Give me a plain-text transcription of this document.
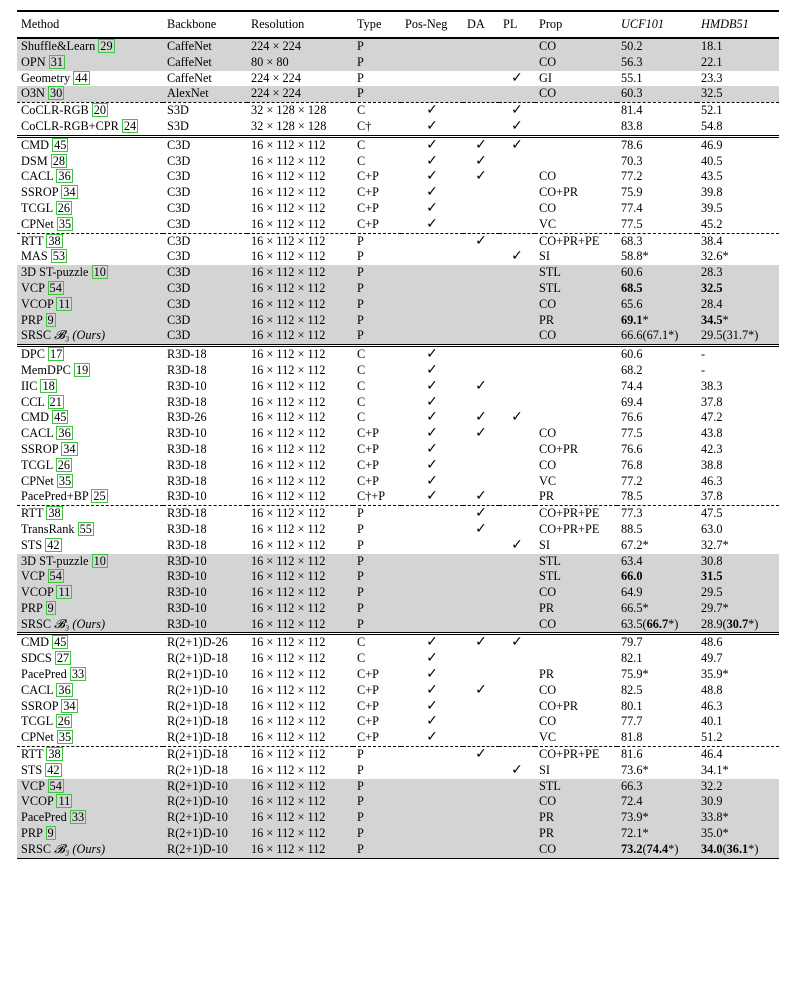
Method	Backbone	Resolution	Type	Pos-Neg	DA	PL	Prop	UCF101	HMDB51
Shuffle&Learn 29	CaffeNet	224 × 224	P				CO	50.2	18.1
OPN 31	CaffeNet	80 × 80	P				CO	56.3	22.1
Geometry 44	CaffeNet	224 × 224	P			✓	GI	55.1	23.3
O3N 30	AlexNet	224 × 224	P				CO	60.3	32.5
CoCLR-RGB 20	S3D	32 × 128 × 128	C	✓		✓		81.4	52.1
CoCLR-RGB+CPR 24	S3D	32 × 128 × 128	C†	✓		✓		83.8	54.8
CMD 45	C3D	16 × 112 × 112	C	✓	✓	✓		78.6	46.9
DSM 28	C3D	16 × 112 × 112	C	✓	✓			70.3	40.5
CACL 36	C3D	16 × 112 × 112	C+P	✓	✓		CO	77.2	43.5
SSROP 34	C3D	16 × 112 × 112	C+P	✓			CO+PR	75.9	39.8
TCGL 26	C3D	16 × 112 × 112	C+P	✓			CO	77.4	39.5
CPNet 35	C3D	16 × 112 × 112	C+P	✓			VC	77.5	45.2
RTT 38	C3D	16 × 112 × 112	P		✓		CO+PR+PE	68.3	38.4
MAS 53	C3D	16 × 112 × 112	P			✓	SI	58.8*	32.6*
3D ST-puzzle 10	C3D	16 × 112 × 112	P				STL	60.6	28.3
VCP 54	C3D	16 × 112 × 112	P				STL	68.5	32.5
VCOP 11	C3D	16 × 112 × 112	P				CO	65.6	28.4
PRP 9	C3D	16 × 112 × 112	P				PR	69.1*	34.5*
SRSC 𝓑₃ (Ours)	C3D	16 × 112 × 112	P				CO	66.6(67.1*)	29.5(31.7*)
DPC 17	R3D-18	16 × 112 × 112	C	✓				60.6	-
MemDPC 19	R3D-18	16 × 112 × 112	C	✓				68.2	-
IIC 18	R3D-10	16 × 112 × 112	C	✓	✓			74.4	38.3
CCL 21	R3D-18	16 × 112 × 112	C	✓				69.4	37.8
CMD 45	R3D-26	16 × 112 × 112	C	✓	✓	✓		76.6	47.2
CACL 36	R3D-10	16 × 112 × 112	C+P	✓	✓		CO	77.5	43.8
SSROP 34	R3D-18	16 × 112 × 112	C+P	✓			CO+PR	76.6	42.3
TCGL 26	R3D-18	16 × 112 × 112	C+P	✓			CO	76.8	38.8
CPNet 35	R3D-18	16 × 112 × 112	C+P	✓			VC	77.2	46.3
PacePred+BP 25	R3D-10	16 × 112 × 112	C†+P	✓	✓		PR	78.5	37.8
RTT 38	R3D-18	16 × 112 × 112	P		✓		CO+PR+PE	77.3	47.5
TransRank 55	R3D-18	16 × 112 × 112	P		✓		CO+PR+PE	88.5	63.0
STS 42	R3D-18	16 × 112 × 112	P			✓	SI	67.2*	32.7*
3D ST-puzzle 10	R3D-10	16 × 112 × 112	P				STL	63.4	30.8
VCP 54	R3D-10	16 × 112 × 112	P				STL	66.0	31.5
VCOP 11	R3D-10	16 × 112 × 112	P				CO	64.9	29.5
PRP 9	R3D-10	16 × 112 × 112	P				PR	66.5*	29.7*
SRSC 𝓑₃ (Ours)	R3D-10	16 × 112 × 112	P				CO	63.5(66.7*)	28.9(30.7*)
CMD 45	R(2+1)D-26	16 × 112 × 112	C	✓	✓	✓		79.7	48.6
SDCS 27	R(2+1)D-18	16 × 112 × 112	C	✓				82.1	49.7
PacePred 33	R(2+1)D-10	16 × 112 × 112	C+P	✓			PR	75.9*	35.9*
CACL 36	R(2+1)D-10	16 × 112 × 112	C+P	✓	✓		CO	82.5	48.8
SSROP 34	R(2+1)D-18	16 × 112 × 112	C+P	✓			CO+PR	80.1	46.3
TCGL 26	R(2+1)D-18	16 × 112 × 112	C+P	✓			CO	77.7	40.1
CPNet 35	R(2+1)D-18	16 × 112 × 112	C+P	✓			VC	81.8	51.2
RTT 38	R(2+1)D-18	16 × 112 × 112	P		✓		CO+PR+PE	81.6	46.4
STS 42	R(2+1)D-18	16 × 112 × 112	P			✓	SI	73.6*	34.1*
VCP 54	R(2+1)D-10	16 × 112 × 112	P				STL	66.3	32.2
VCOP 11	R(2+1)D-10	16 × 112 × 112	P				CO	72.4	30.9
PacePred 33	R(2+1)D-10	16 × 112 × 112	P				PR	73.9*	33.8*
PRP 9	R(2+1)D-10	16 × 112 × 112	P				PR	72.1*	35.0*
SRSC 𝓑₃ (Ours)	R(2+1)D-10	16 × 112 × 112	P				CO	73.2(74.4*)	34.0(36.1*)
